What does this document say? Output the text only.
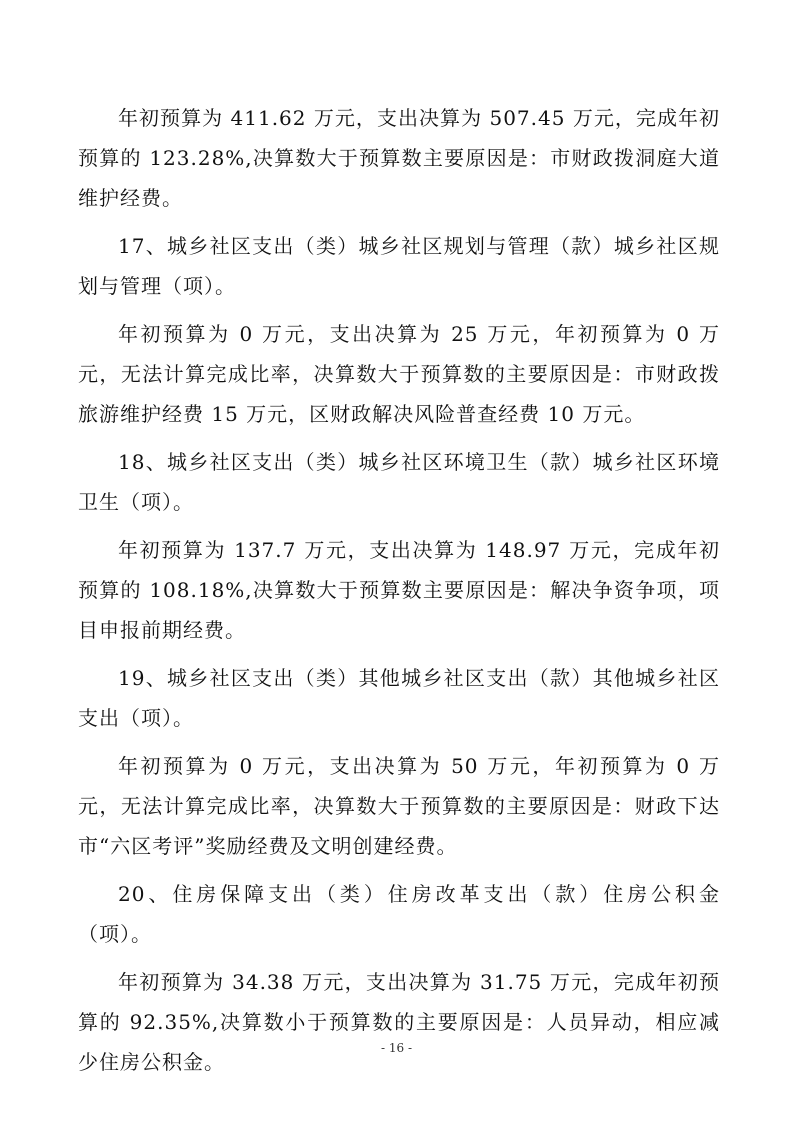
年初预算为 411.62 万元，支出决算为 507.45 万元，完成年初预算的 123.28%,决算数大于预算数主要原因是：市财政拨洞庭大道维护经费。

17、城乡社区支出（类）城乡社区规划与管理（款）城乡社区规划与管理（项）。

年初预算为 0 万元，支出决算为 25 万元，年初预算为 0 万元，无法计算完成比率，决算数大于预算数的主要原因是：市财政拨旅游维护经费 15 万元，区财政解决风险普查经费 10 万元。

18、城乡社区支出（类）城乡社区环境卫生（款）城乡社区环境卫生（项）。

年初预算为 137.7 万元，支出决算为 148.97 万元，完成年初预算的 108.18%,决算数大于预算数主要原因是：解决争资争项，项目申报前期经费。

19、城乡社区支出（类）其他城乡社区支出（款）其他城乡社区支出（项）。

年初预算为 0 万元，支出决算为 50 万元，年初预算为 0 万元，无法计算完成比率，决算数大于预算数的主要原因是：财政下达市“六区考评”奖励经费及文明创建经费。

20、住房保障支出（类）住房改革支出（款）住房公积金（项）。

年初预算为 34.38 万元，支出决算为 31.75 万元，完成年初预算的 92.35%,决算数小于预算数的主要原因是：人员异动，相应减少住房公积金。

- 16 -
